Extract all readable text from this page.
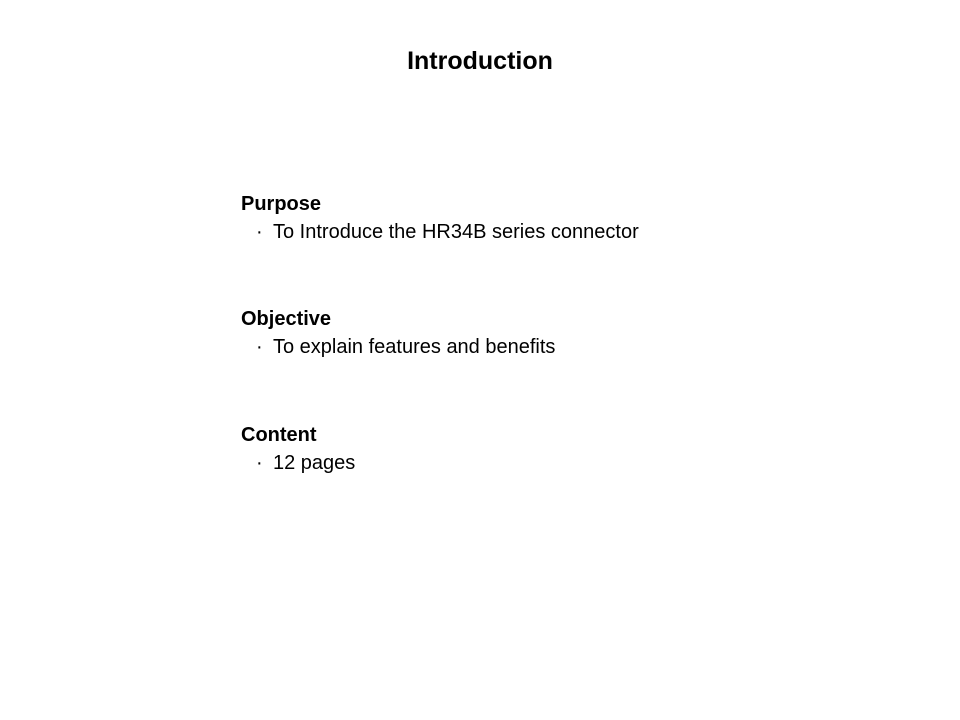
Introduction
Purpose
· To Introduce the HR34B series connector
Objective
· To explain features and benefits
Content
· 12 pages
